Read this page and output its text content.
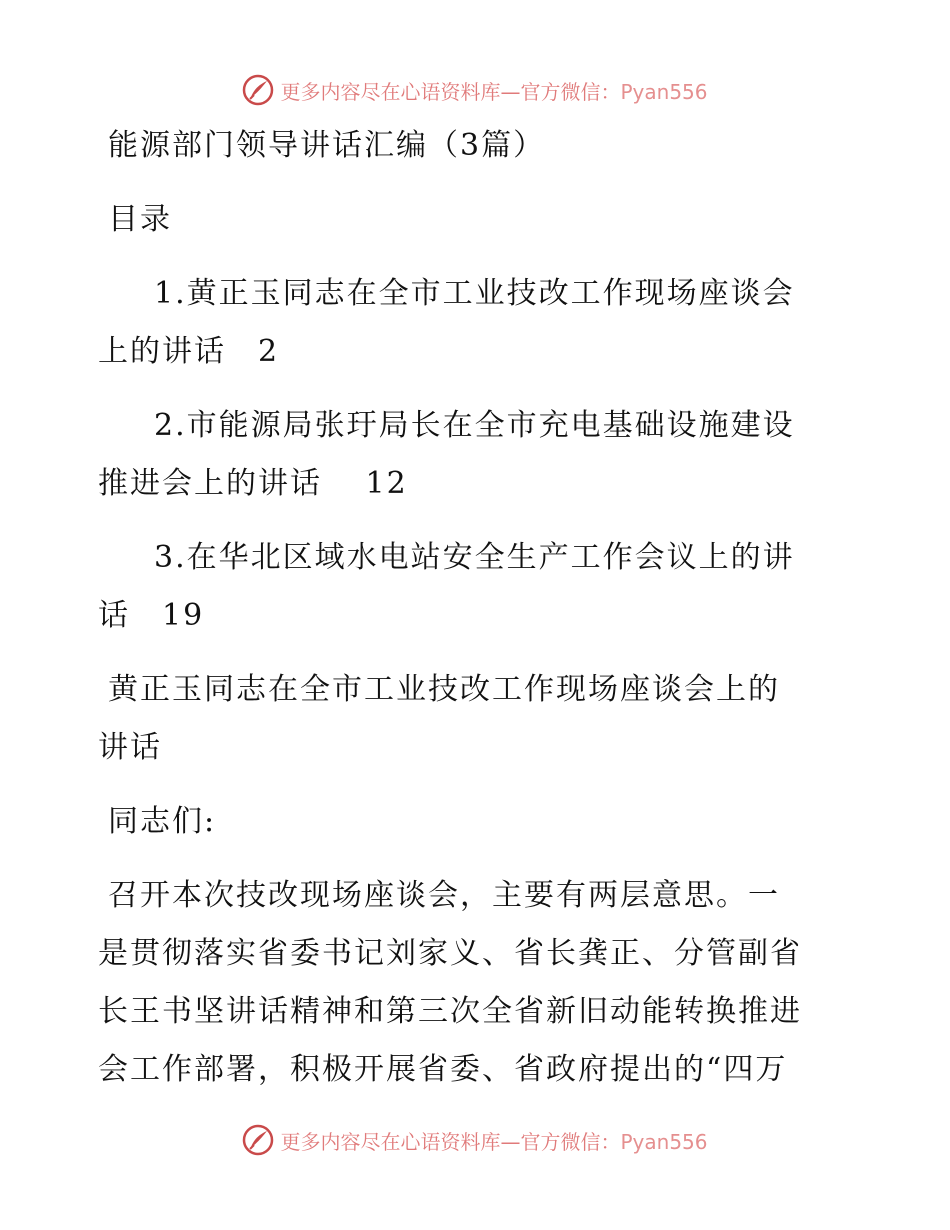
更多内容尽在心语资料库—官方微信：Pyan556
能源部门领导讲话汇编（3篇）
目录
1.黄正玉同志在全市工业技改工作现场座谈会
上的讲话　2
2.市能源局张玗局长在全市充电基础设施建设
推进会上的讲话　 12
3.在华北区域水电站安全生产工作会议上的讲
话　19
黄正玉同志在全市工业技改工作现场座谈会上的
讲话
同志们:
召开本次技改现场座谈会，主要有两层意思。一
是贯彻落实省委书记刘家义、省长龚正、分管副省
长王书坚讲话精神和第三次全省新旧动能转换推进
会工作部署，积极开展省委、省政府提出的“四万
更多内容尽在心语资料库—官方微信：Pyan556
